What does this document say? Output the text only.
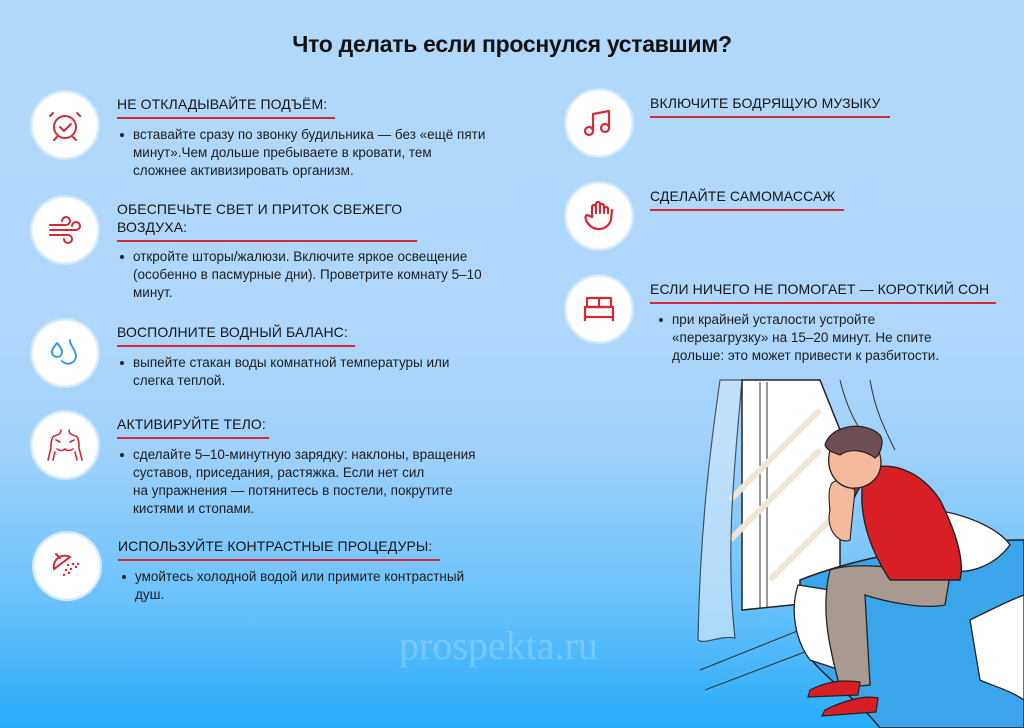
Что делать если проснулся уставшим?
НЕ ОТКЛАДЫВАЙТЕ ПОДЪЁМ:
вставайте сразу по звонку будильника — без «ещё пяти
минут».Чем дольше пребываете в кровати, тем
сложнее активизировать организм.
ОБЕСПЕЧЬТЕ СВЕТ И ПРИТОК СВЕЖЕГО
ВОЗДУХА:
откройте шторы/жалюзи. Включите яркое освещение
(особенно в пасмурные дни). Проветрите комнату 5–10
минут.
ВОСПОЛНИТЕ ВОДНЫЙ БАЛАНС:
выпейте стакан воды комнатной температуры или
слегка теплой.
АКТИВИРУЙТЕ ТЕЛО:
сделайте 5–10-минутную зарядку: наклоны, вращения
суставов, приседания, растяжка. Если нет сил
на упражнения — потянитесь в постели, покрутите
кистями и стопами.
ИСПОЛЬЗУЙТЕ КОНТРАСТНЫЕ ПРОЦЕДУРЫ:
умойтесь холодной водой или примите контрастный
душ.
ВКЛЮЧИТЕ БОДРЯЩУЮ МУЗЫКУ
СДЕЛАЙТЕ САМОМАССАЖ
ЕСЛИ НИЧЕГО НЕ ПОМОГАЕТ — КОРОТКИЙ СОН
при крайней усталости устройте
«перезагрузку» на 15–20 минут. Не спите
дольше: это может привести к разбитости.
prospekta.ru
